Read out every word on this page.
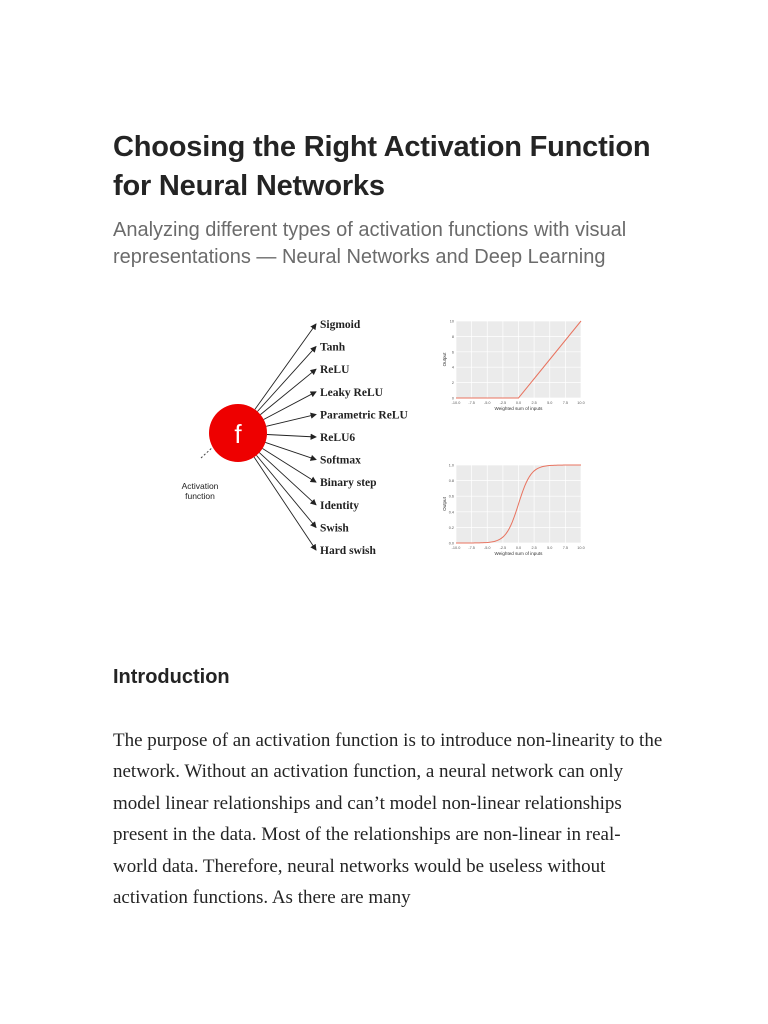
Choosing the Right Activation Function for Neural Networks
Analyzing different types of activation functions with visual representations — Neural Networks and Deep Learning
Sigmoid
Tanh
ReLU
Leaky ReLU
Parametric ReLU
ReLU6
Softmax
Binary step
Identity
Swish
Hard swish
f
Activation
function
-10.0 -7.5 -5.0 -2.5	0.0	2.5	5.0	7.5 10.0
0
2
4
6
8
10
Weighted sum of inputs
Output
-10.0 -7.5 -5.0 -2.5	0.0	2.5	5.0	7.5 10.0
0.0
0.2
0.4
0.6
0.8
1.0
Weighted sum of inputs
Output
Introduction

The purpose of an activation function is to introduce non-linearity to the network. Without an activation function, a neural network can only model linear relationships and can’t model non-linear relationships present in the data. Most of the relationships are non-linear in real-world data. Therefore, neural networks would be useless without activation functions. As there are many
